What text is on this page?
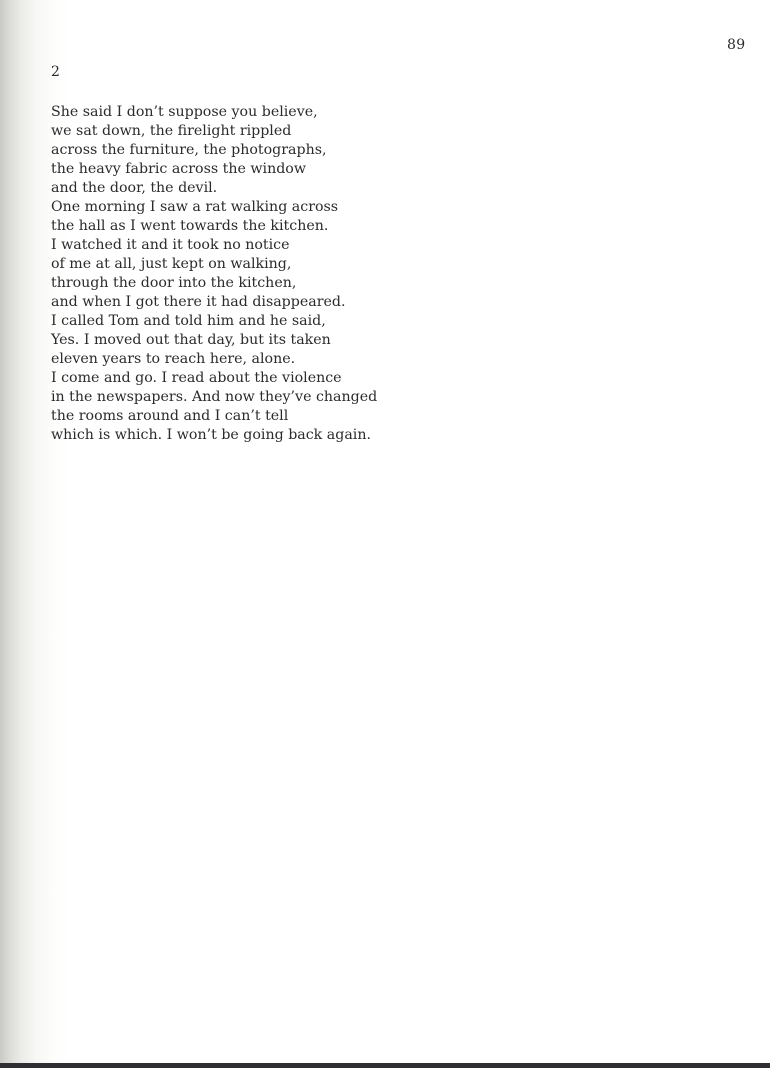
89
2
She said I don’t suppose you believe,
we sat down, the firelight rippled
across the furniture, the photographs,
the heavy fabric across the window
and the door, the devil.
One morning I saw a rat walking across
the hall as I went towards the kitchen.
I watched it and it took no notice
of me at all, just kept on walking,
through the door into the kitchen,
and when I got there it had disappeared.
I called Tom and told him and he said,
Yes. I moved out that day, but its taken
eleven years to reach here, alone.
I come and go. I read about the violence
in the newspapers. And now they’ve changed
the rooms around and I can’t tell
which is which. I won’t be going back again.
